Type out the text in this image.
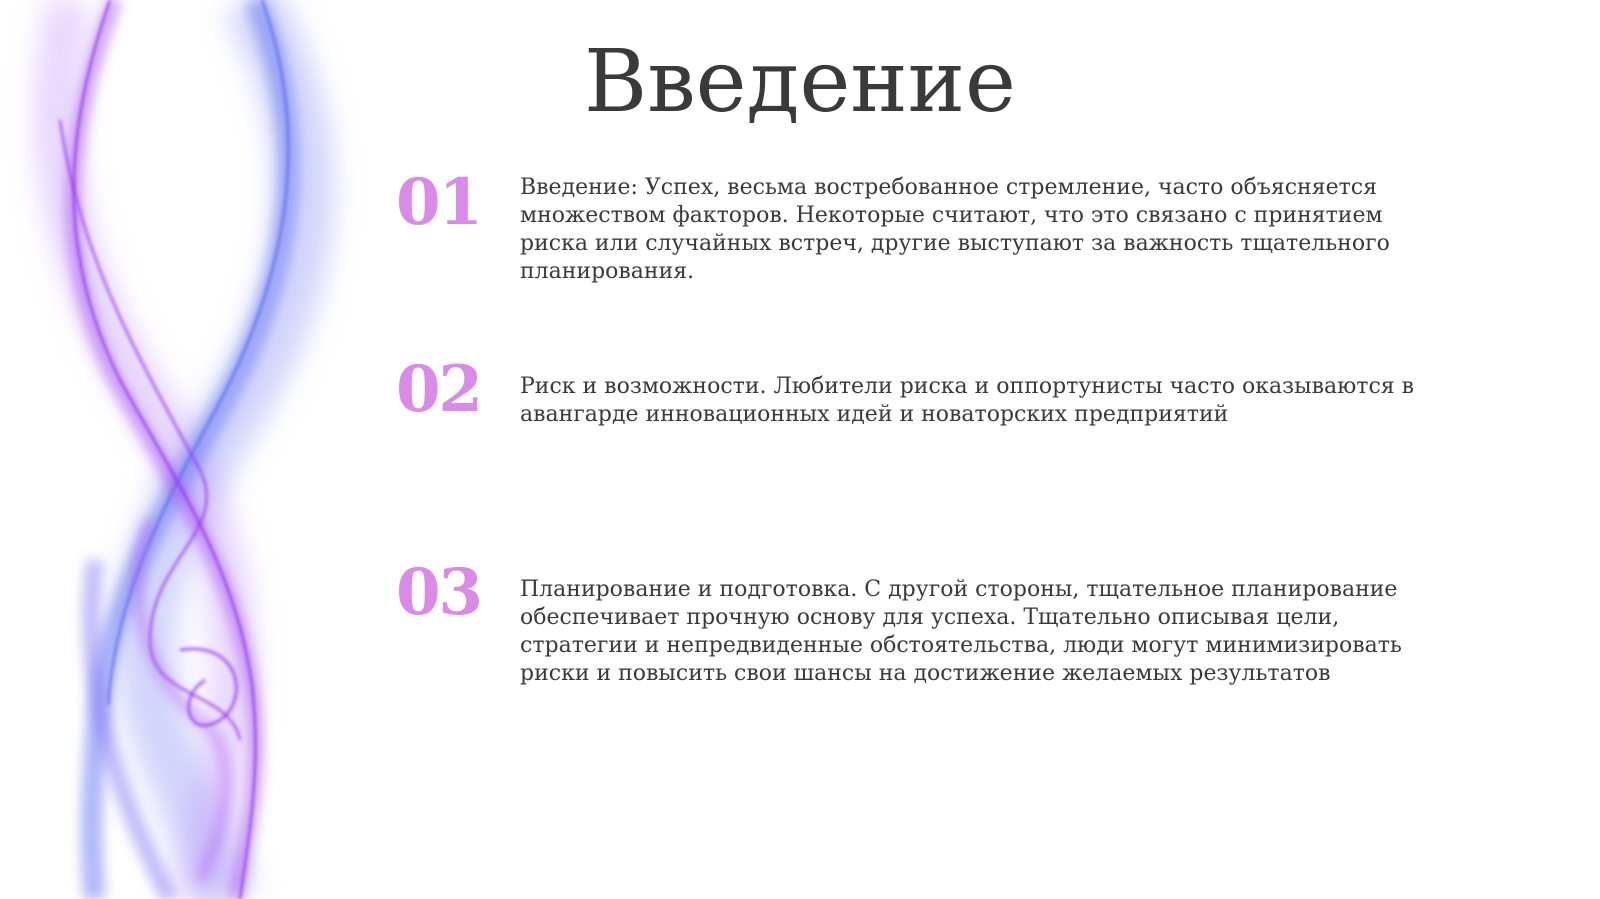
Введение
01	Введение: Успех, весьма востребованное стремление, часто объясняется множеством факторов. Некоторые считают, что это связано с принятием риска или случайных встреч, другие выступают за важность тщательного планирования.

02	Риск и возможности. Любители риска и оппортунисты часто оказываются в авангарде инновационных идей и новаторских предприятий

03	Планирование и подготовка. С другой стороны, тщательное планирование обеспечивает прочную основу для успеха. Тщательно описывая цели, стратегии и непредвиденные обстоятельства, люди могут минимизировать риски и повысить свои шансы на достижение желаемых результатов
